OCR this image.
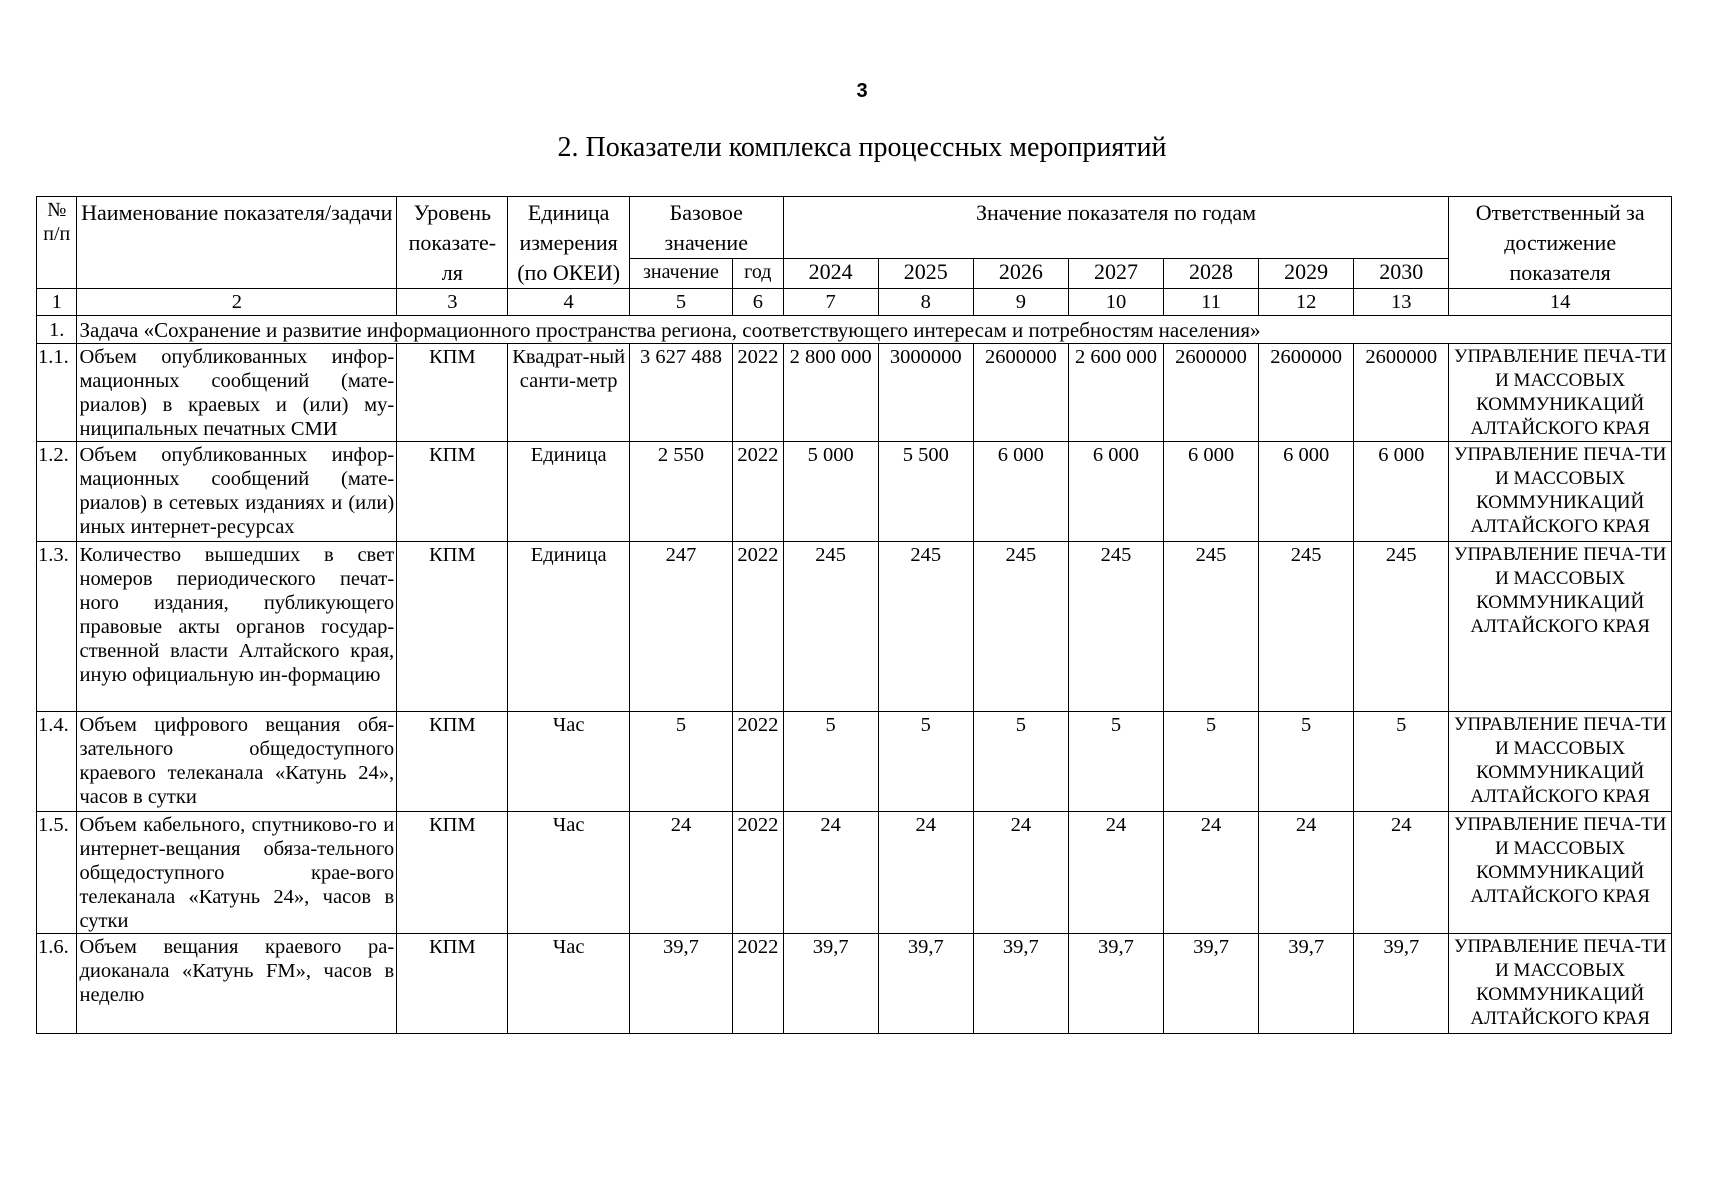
3
2. Показатели комплекса процессных мероприятий
№ п/п	Наименование показателя/задачи	Уровень показате-ля	Единица измерения (по ОКЕИ)	Базовое значение		Значение показателя по годам							Ответственный за достижение показателя
				значение	год	2024	2025	2026	2027	2028	2029	2030	
1	2	3	4	5	6	7	8	9	10	11	12	13	14
1.	Задача «Сохранение и развитие информационного пространства региона, соответствующего интересам и потребностям населения»												
1.1.	Объем опубликованных инфор-мационных сообщений (мате-риалов) в краевых и (или) му-ниципальных печатных СМИ	КПМ	Квадрат-ный санти-метр	3 627 488	2022	2 800 000	3000000	2600000	2 600 000	2600000	2600000	2600000	УПРАВЛЕНИЕ ПЕЧА-ТИ И МАССОВЫХ КОММУНИКАЦИЙ АЛТАЙСКОГО КРАЯ
1.2.	Объем опубликованных инфор-мационных сообщений (мате-риалов) в сетевых изданиях и (или) иных интернет-ресурсах	КПМ	Единица	2 550	2022	5 000	5 500	6 000	6 000	6 000	6 000	6 000	УПРАВЛЕНИЕ ПЕЧА-ТИ И МАССОВЫХ КОММУНИКАЦИЙ АЛТАЙСКОГО КРАЯ
1.3.	Количество вышедших в свет номеров периодического печат-ного издания, публикующего правовые акты органов государ-ственной власти Алтайского края, иную официальную ин-формацию	КПМ	Единица	247	2022	245	245	245	245	245	245	245	УПРАВЛЕНИЕ ПЕЧА-ТИ И МАССОВЫХ КОММУНИКАЦИЙ АЛТАЙСКОГО КРАЯ
1.4.	Объем цифрового вещания обя-зательного общедоступного краевого телеканала «Катунь 24», часов в сутки	КПМ	Час	5	2022	5	5	5	5	5	5	5	УПРАВЛЕНИЕ ПЕЧА-ТИ И МАССОВЫХ КОММУНИКАЦИЙ АЛТАЙСКОГО КРАЯ
1.5.	Объем кабельного, спутниково-го и интернет-вещания обяза-тельного общедоступного крае-вого телеканала «Катунь 24», часов в сутки	КПМ	Час	24	2022	24	24	24	24	24	24	24	УПРАВЛЕНИЕ ПЕЧА-ТИ И МАССОВЫХ КОММУНИКАЦИЙ АЛТАЙСКОГО КРАЯ
1.6.	Объем вещания краевого ра-диоканала «Катунь FM», часов в неделю	КПМ	Час	39,7	2022	39,7	39,7	39,7	39,7	39,7	39,7	39,7	УПРАВЛЕНИЕ ПЕЧА-ТИ И МАССОВЫХ КОММУНИКАЦИЙ АЛТАЙСКОГО КРАЯ
